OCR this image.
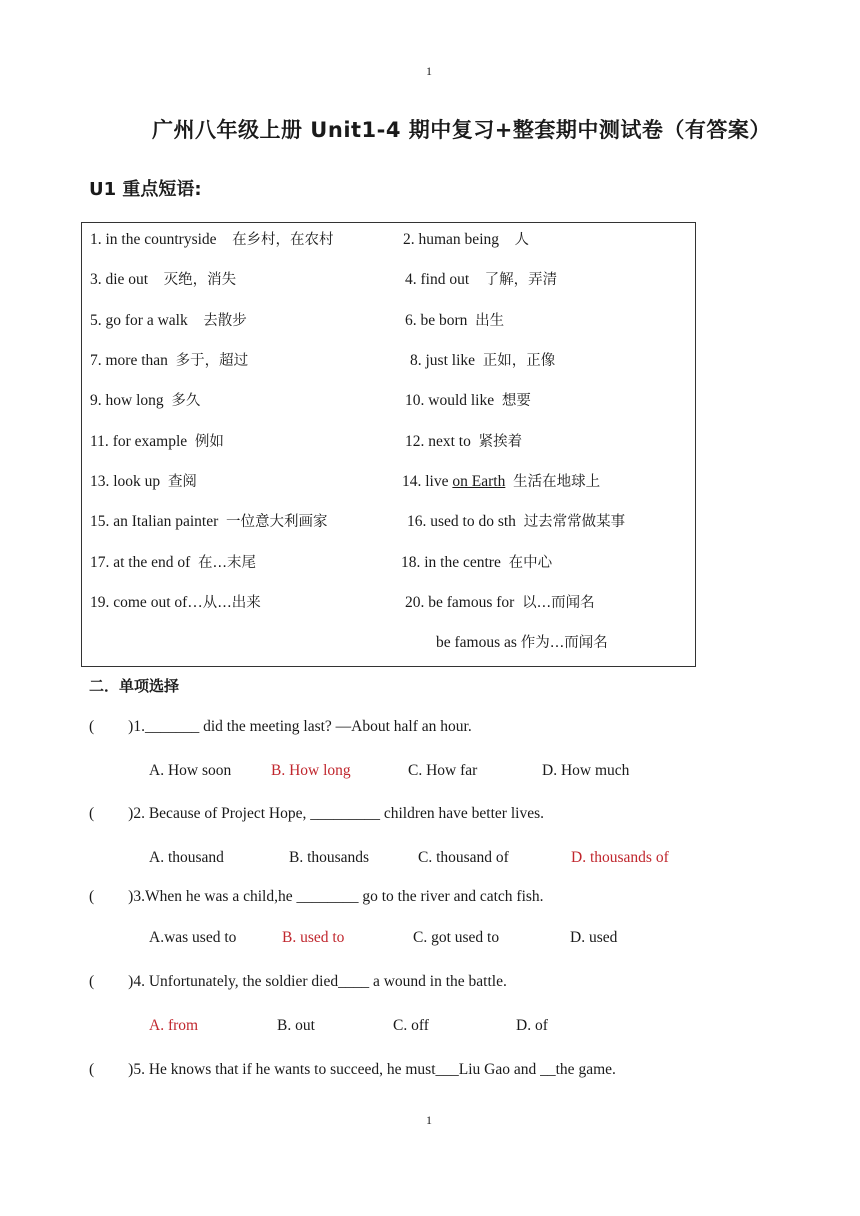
1
广州八年级上册 Unit1-4 期中复习+整套期中测试卷（有答案）
U1 重点短语:
1. in the countryside 在乡村，在农村	2. human being 人
3. die out 灭绝，消失	4. find out 了解，弄清
5. go for a walk 去散步	6. be born 出生
7. more than 多于，超过	8. just like 正如，正像
9. how long 多久	10. would like 想要
11. for example 例如	12. next to 紧挨着
13. look up 查阅	14. live on Earth 生活在地球上
15. an Italian painter 一位意大利画家	16. used to do sth 过去常常做某事
17. at the end of 在…末尾	18. in the centre 在中心
19. come out of…从…出来	20. be famous for 以…而闻名
be famous as 作为…而闻名
二．单项选择
( )1._______ did the meeting last? —About half an hour.
A. How soon	B. How long	C. How far	D. How much
( )2. Because of Project Hope, _________ children have better lives.
A. thousand	B. thousands	C. thousand of	D. thousands of
( )3.When he was a child,he ________ go to the river and catch fish.
A.was used to	B. used to	C. got used to	D. used
( )4. Unfortunately, the soldier died____ a wound in the battle.
A. from	B. out	C. off	D. of
( )5. He knows that if he wants to succeed, he must___Liu Gao and __the game.
1
